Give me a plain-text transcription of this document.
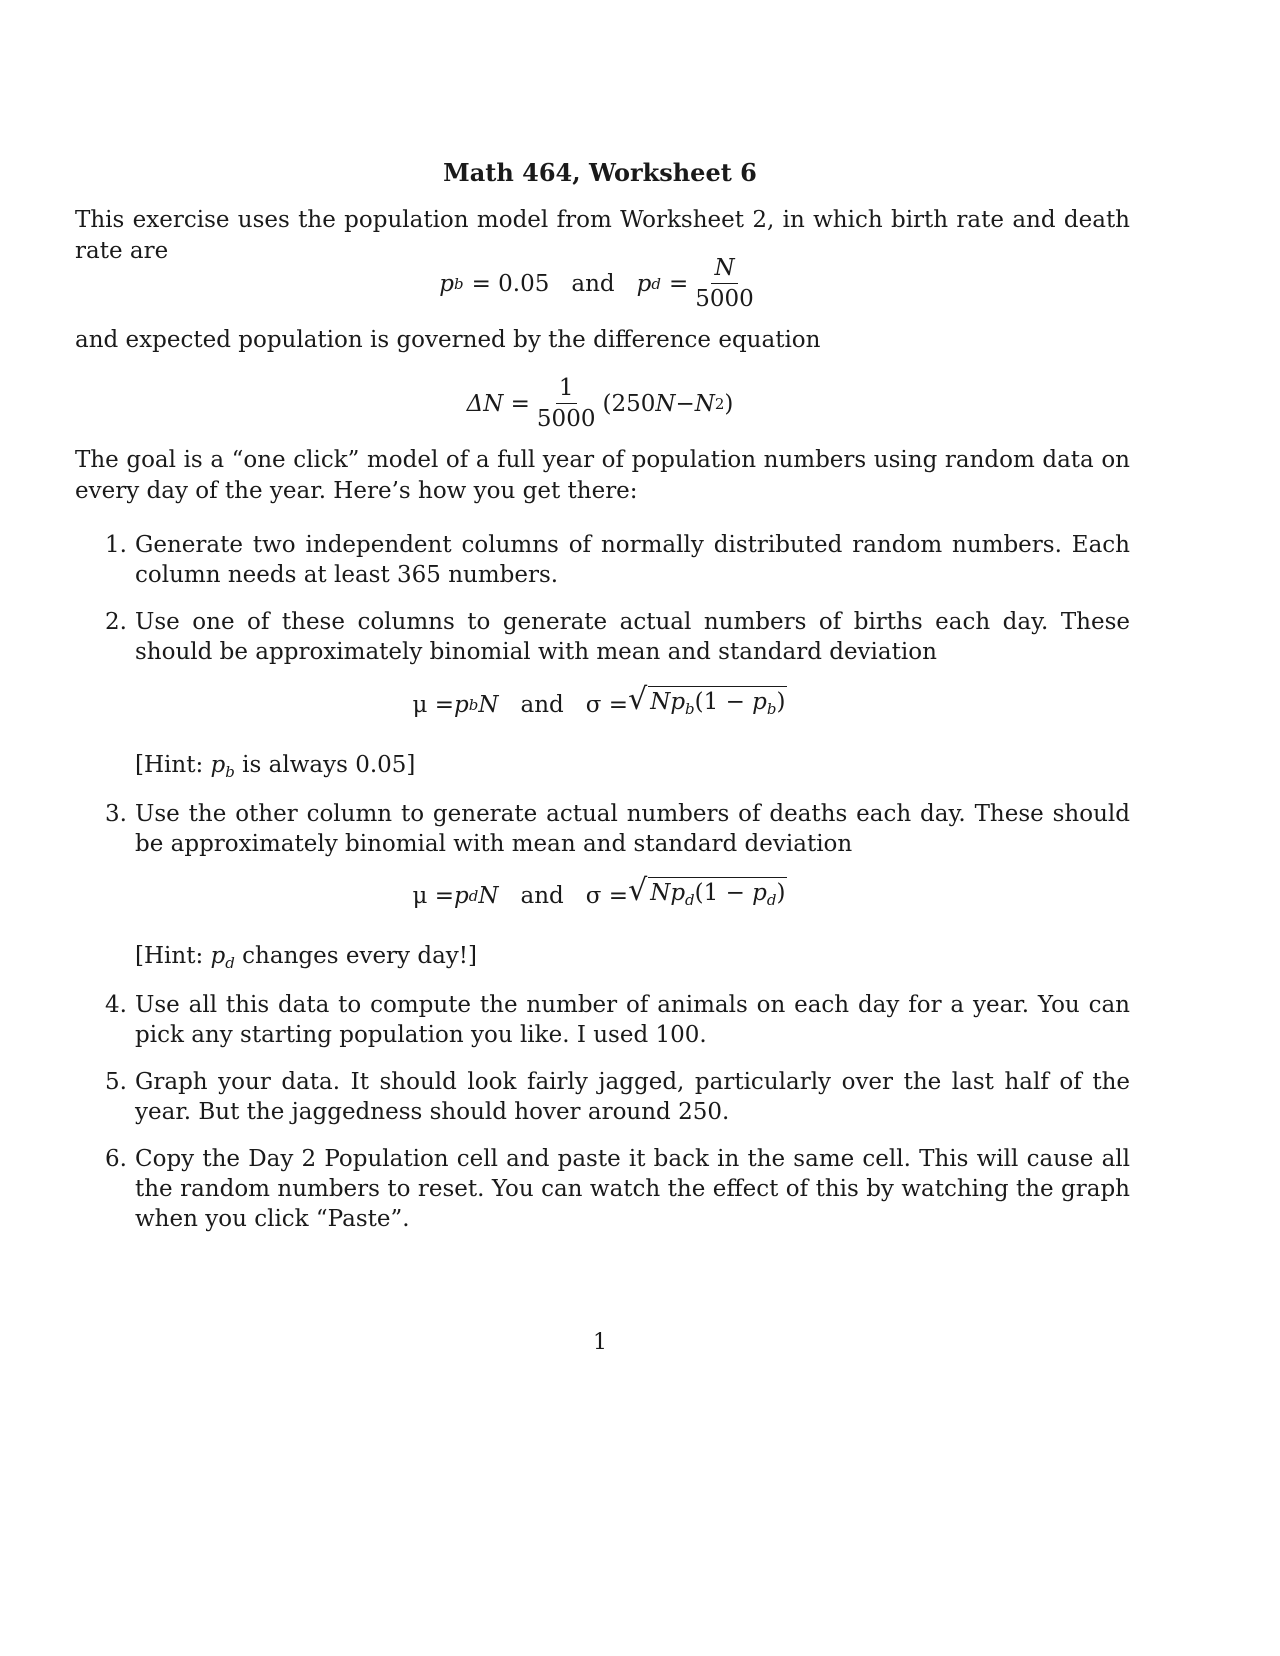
Math 464, Worksheet 6
This exercise uses the population model from Worksheet 2, in which birth rate and death rate are
p b = 0.05 and p $d = \frac{N}{5000}$
and expected population is governed by the difference equation
$\Delta N = \frac{1}{5000} (250$ N − N 2 )
The goal is a “one click” model of a full year of population numbers using random data on every day of the year. Here’s how you get there:
1. Generate two independent columns of normally distributed random numbers. Each column needs at least 365 numbers.
2. Use one of these columns to generate actual numbers of births each day. These should be approximately binomial with mean and standard deviation
μ = p b N and σ = √ $Np_b(1 - p_b)$
[Hint: $p_b$ is always 0.05]
3. Use the other column to generate actual numbers of deaths each day. These should be approximately binomial with mean and standard deviation
μ = p d N and σ = √ $Np_d(1 - p_d)$
[Hint: $p_d$ changes every day!]
4. Use all this data to compute the number of animals on each day for a year. You can pick any starting population you like. I used 100.
5. Graph your data. It should look fairly jagged, particularly over the last half of the year. But the jaggedness should hover around 250.
6. Copy the Day 2 Population cell and paste it back in the same cell. This will cause all the random numbers to reset. You can watch the effect of this by watching the graph when you click “Paste”.
1
